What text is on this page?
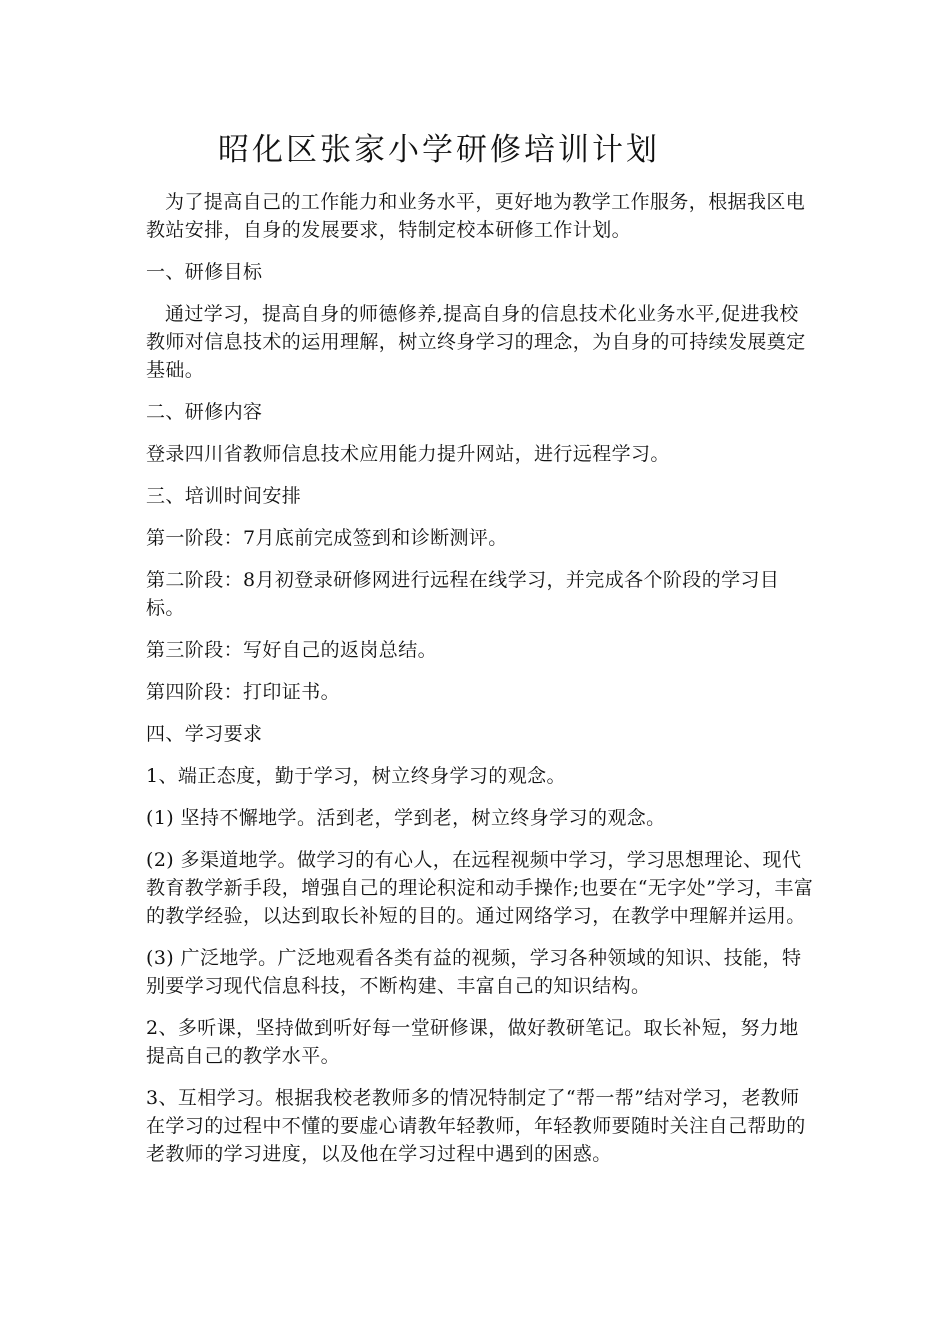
昭化区张家小学研修培训计划

为了提高自己的工作能力和业务水平，更好地为教学工作服务，根据我区电教站安排，自身的发展要求，特制定校本研修工作计划。

一、研修目标

通过学习，提高自身的师德修养,提高自身的信息技术化业务水平,促进我校教师对信息技术的运用理解，树立终身学习的理念，为自身的可持续发展奠定基础。

二、研修内容

登录四川省教师信息技术应用能力提升网站，进行远程学习。

三、培训时间安排

第一阶段：7月底前完成签到和诊断测评。

第二阶段：8月初登录研修网进行远程在线学习，并完成各个阶段的学习目标。

第三阶段：写好自己的返岗总结。

第四阶段：打印证书。

四、学习要求

1、端正态度，勤于学习，树立终身学习的观念。

(1) 坚持不懈地学。活到老，学到老，树立终身学习的观念。

(2) 多渠道地学。做学习的有心人，在远程视频中学习，学习思想理论、现代教育教学新手段，增强自己的理论积淀和动手操作;也要在“无字处”学习，丰富的教学经验，以达到取长补短的目的。通过网络学习，在教学中理解并运用。

(3) 广泛地学。广泛地观看各类有益的视频，学习各种领域的知识、技能，特别要学习现代信息科技，不断构建、丰富自己的知识结构。

2、多听课，坚持做到听好每一堂研修课，做好教研笔记。取长补短，努力地提高自己的教学水平。

3、互相学习。根据我校老教师多的情况特制定了“帮一帮”结对学习，老教师在学习的过程中不懂的要虚心请教年轻教师，年轻教师要随时关注自己帮助的老教师的学习进度，以及他在学习过程中遇到的困惑。
